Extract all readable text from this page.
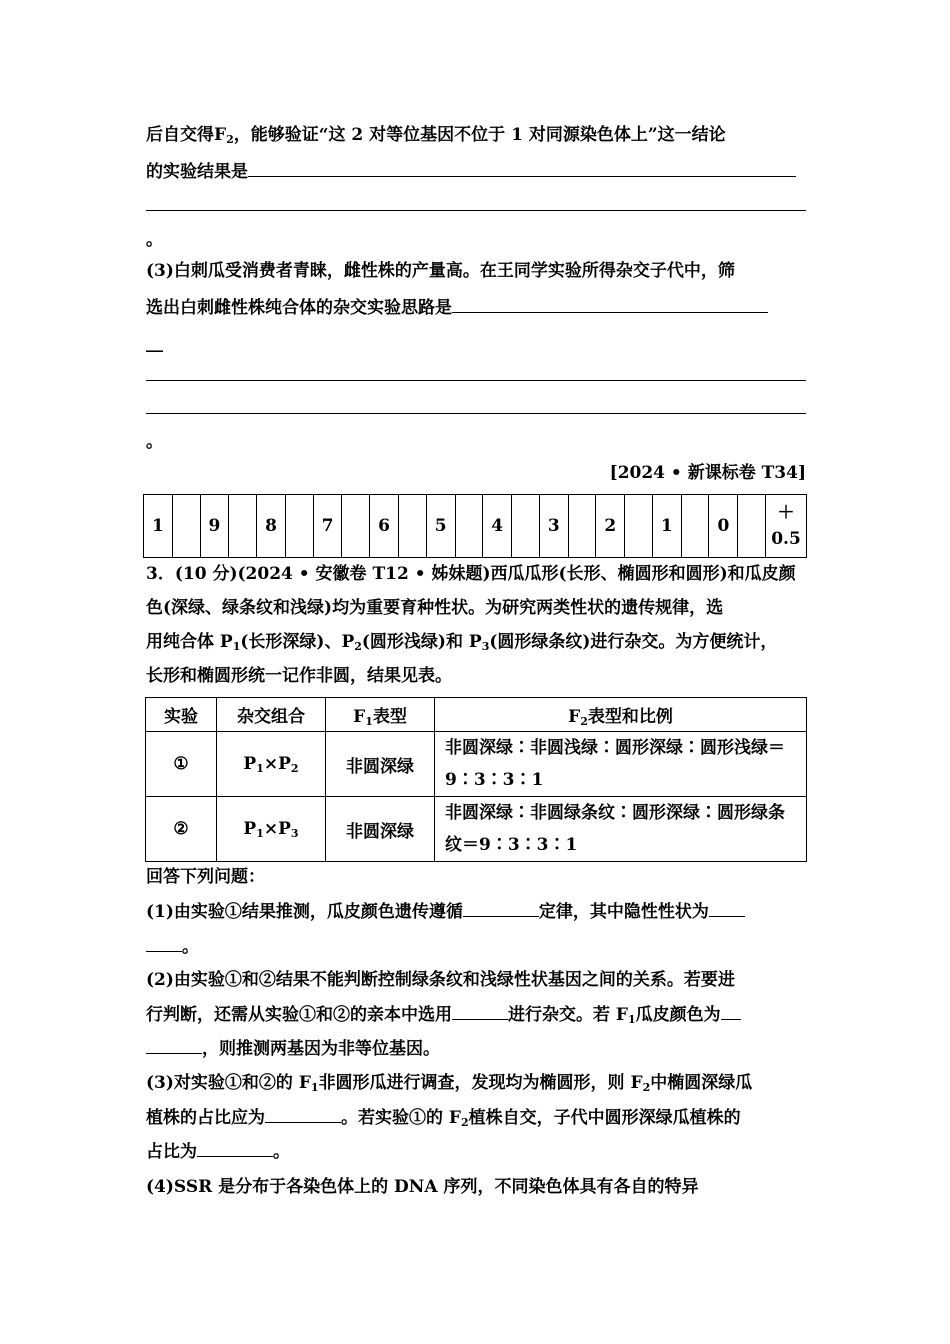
后自交得$F_2$，能够验证“这 2 对等位基因不位于 1 对同源染色体上”这一结论
的实验结果是
。
(3)白刺瓜受消费者青睐，雌性株的产量高。在王同学实验所得杂交子代中，筛
选出白刺雌性株纯合体的杂交实验思路是
__
。
[2024 • 新课标卷 T34]
1		9		8		7		6		5		4		3		2		1		0		
＋
0.5
3．(10 分)(2024 • 安徽卷 T12 • 姊妹题)西瓜瓜形(长形、椭圆形和圆形)和瓜皮颜
色(深绿、绿条纹和浅绿)均为重要育种性状。为研究两类性状的遗传规律，选
用纯合体 $P_1$(长形深绿)、$P_2$(圆形浅绿)和 $P_3$(圆形绿条纹)进行杂交。为方便统计，
长形和椭圆形统一记作非圆，结果见表。
实验	杂交组合	$F_1$表型	$F_2$表型和比例
①	$P_1\times P_2$	非圆深绿	非圆深绿∶非圆浅绿∶圆形深绿∶圆形浅绿＝9∶3∶3∶1
②	$P_1\times P_3$	非圆深绿	非圆深绿∶非圆绿条纹∶圆形深绿∶圆形绿条纹＝9∶3∶3∶1
回答下列问题：
(1)由实验①结果推测，瓜皮颜色遗传遵循	定律，其中隐性性状为
。
(2)由实验①和②结果不能判断控制绿条纹和浅绿性状基因之间的关系。若要进
行判断，还需从实验①和②的亲本中选用	进行杂交。若 $F_1$瓜皮颜色为
，则推测两基因为非等位基因。
(3)对实验①和②的 $F_1$非圆形瓜进行调查，发现均为椭圆形，则 $F_2$中椭圆深绿瓜
植株的占比应为	。若实验①的 $F_2$植株自交，子代中圆形深绿瓜植株的
占比为	。
(4)SSR 是分布于各染色体上的 DNA 序列，不同染色体具有各自的特异
